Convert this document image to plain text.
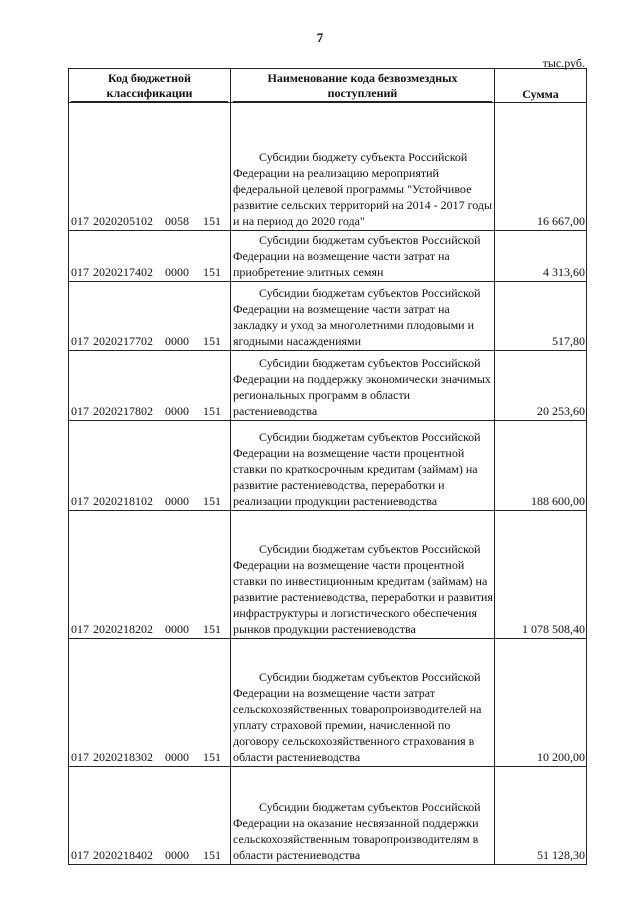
7
тыс.руб.
Код бюджетной классификации	Наименование кода безвозмездных поступлений	Сумма
017 2020205102 0058 151	Субсидии бюджету субъекта Российской Федерации на реализацию мероприятий федеральной целевой программы "Устойчивое развитие сельских территорий на 2014 - 2017 годы и на период до 2020 года"	16 667,00
017 2020217402 0000 151	Субсидии бюджетам субъектов Российской Федерации на возмещение части затрат на приобретение элитных семян	4 313,60
017 2020217702 0000 151	Субсидии бюджетам субъектов Российской Федерации на возмещение части затрат на закладку и уход за многолетними плодовыми и ягодными насаждениями	517,80
017 2020217802 0000 151	Субсидии бюджетам субъектов Российской Федерации на поддержку экономически значимых региональных программ в области растениеводства	20 253,60
017 2020218102 0000 151	Субсидии бюджетам субъектов Российской Федерации на возмещение части процентной ставки по краткосрочным кредитам (займам) на развитие растениеводства, переработки и реализации продукции растениеводства	188 600,00
017 2020218202 0000 151	Субсидии бюджетам субъектов Российской Федерации на возмещение части процентной ставки по инвестиционным кредитам (займам) на развитие растениеводства, переработки и развития инфраструктуры и логистического обеспечения рынков продукции растениеводства	1 078 508,40
017 2020218302 0000 151	Субсидии бюджетам субъектов Российской Федерации на возмещение части затрат сельскохозяйственных товаропроизводителей на уплату страховой премии, начисленной по договору сельскохозяйственного страхования в области растениеводства	10 200,00
017 2020218402 0000 151	Субсидии бюджетам субъектов Российской Федерации на оказание несвязанной поддержки сельскохозяйственным товаропроизводителям в области растениеводства	51 128,30
